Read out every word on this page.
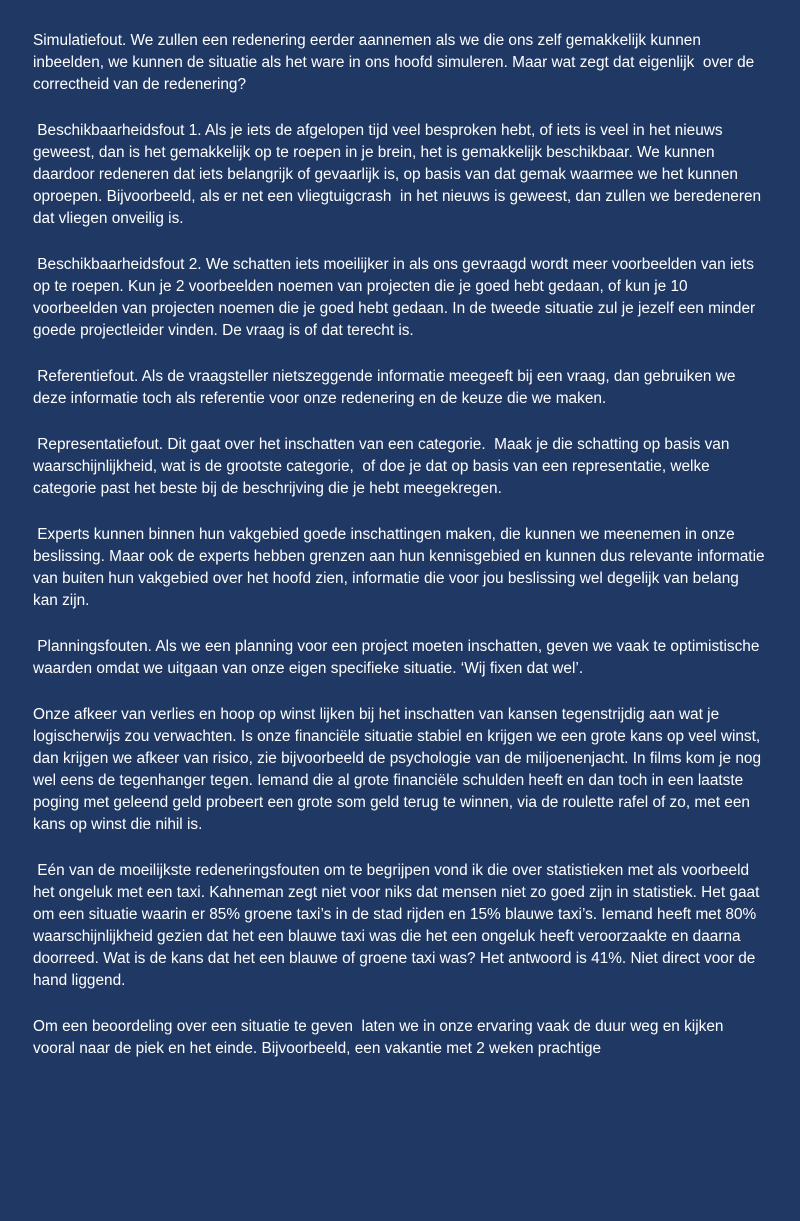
Simulatiefout. We zullen een redenering eerder aannemen als we die ons zelf gemakkelijk kunnen inbeelden, we kunnen de situatie als het ware in ons hoofd simuleren. Maar wat zegt dat eigenlijk  over de correctheid van de redenering?

Beschikbaarheidsfout 1. Als je iets de afgelopen tijd veel besproken hebt, of iets is veel in het nieuws geweest, dan is het gemakkelijk op te roepen in je brein, het is gemakkelijk beschikbaar. We kunnen daardoor redeneren dat iets belangrijk of gevaarlijk is, op basis van dat gemak waarmee we het kunnen oproepen. Bijvoorbeeld, als er net een vliegtuigcrash  in het nieuws is geweest, dan zullen we beredeneren dat vliegen onveilig is.

Beschikbaarheidsfout 2. We schatten iets moeilijker in als ons gevraagd wordt meer voorbeelden van iets op te roepen. Kun je 2 voorbeelden noemen van projecten die je goed hebt gedaan, of kun je 10 voorbeelden van projecten noemen die je goed hebt gedaan. In de tweede situatie zul je jezelf een minder goede projectleider vinden. De vraag is of dat terecht is.

Referentiefout. Als de vraagsteller nietszeggende informatie meegeeft bij een vraag, dan gebruiken we deze informatie toch als referentie voor onze redenering en de keuze die we maken.

Representatiefout. Dit gaat over het inschatten van een categorie.  Maak je die schatting op basis van waarschijnlijkheid, wat is de grootste categorie,  of doe je dat op basis van een representatie, welke categorie past het beste bij de beschrijving die je hebt meegekregen.

Experts kunnen binnen hun vakgebied goede inschattingen maken, die kunnen we meenemen in onze beslissing. Maar ook de experts hebben grenzen aan hun kennisgebied en kunnen dus relevante informatie van buiten hun vakgebied over het hoofd zien, informatie die voor jou beslissing wel degelijk van belang kan zijn.

Planningsfouten. Als we een planning voor een project moeten inschatten, geven we vaak te optimistische waarden omdat we uitgaan van onze eigen specifieke situatie. ‘Wij fixen dat wel’.

Onze afkeer van verlies en hoop op winst lijken bij het inschatten van kansen tegenstrijdig aan wat je logischerwijs zou verwachten. Is onze financiële situatie stabiel en krijgen we een grote kans op veel winst, dan krijgen we afkeer van risico, zie bijvoorbeeld de psychologie van de miljoenenjacht. In films kom je nog wel eens de tegenhanger tegen. Iemand die al grote financiële schulden heeft en dan toch in een laatste poging met geleend geld probeert een grote som geld terug te winnen, via de roulette rafel of zo, met een kans op winst die nihil is.

Eén van de moeilijkste redeneringsfouten om te begrijpen vond ik die over statistieken met als voorbeeld het ongeluk met een taxi. Kahneman zegt niet voor niks dat mensen niet zo goed zijn in statistiek. Het gaat om een situatie waarin er 85% groene taxi’s in de stad rijden en 15% blauwe taxi’s. Iemand heeft met 80% waarschijnlijkheid gezien dat het een blauwe taxi was die het een ongeluk heeft veroorzaakte en daarna doorreed. Wat is de kans dat het een blauwe of groene taxi was? Het antwoord is 41%. Niet direct voor de hand liggend.

Om een beoordeling over een situatie te geven  laten we in onze ervaring vaak de duur weg en kijken vooral naar de piek en het einde. Bijvoorbeeld, een vakantie met 2 weken prachtige
